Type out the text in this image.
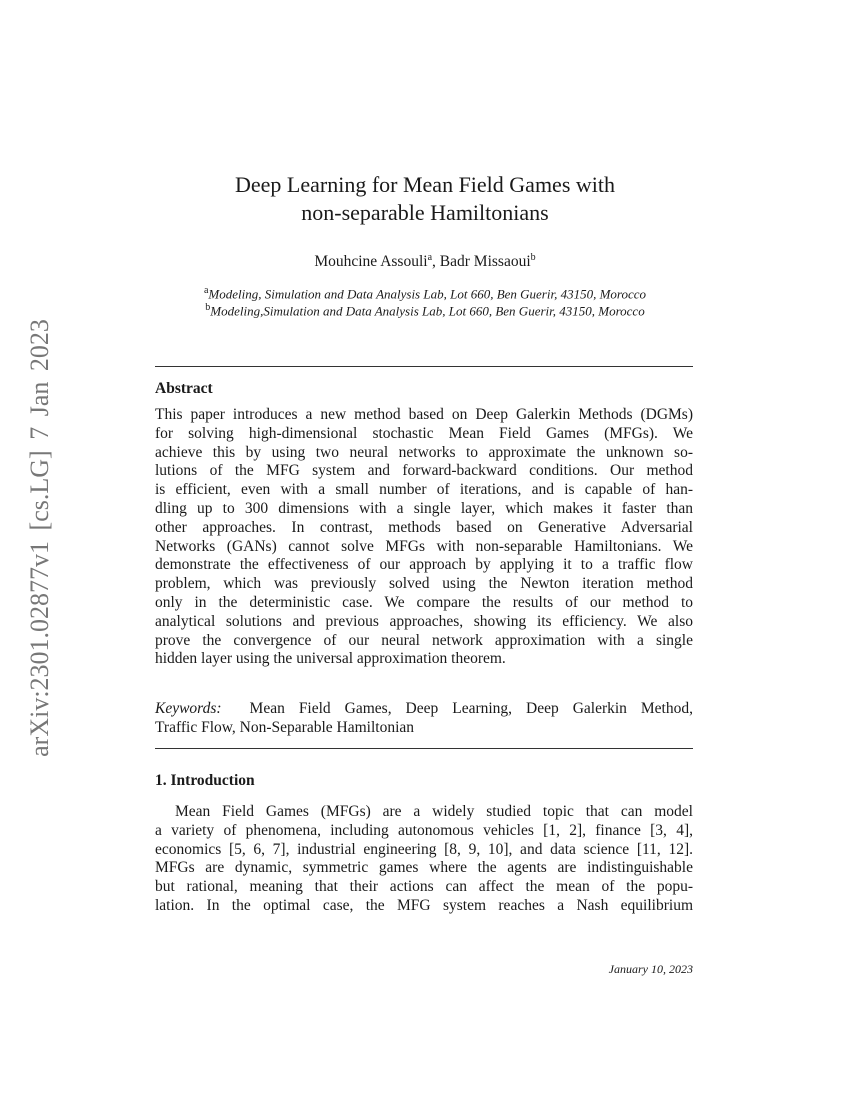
arXiv:2301.02877v1 [cs.LG] 7 Jan 2023
Deep Learning for Mean Field Games with
non-separable Hamiltonians
Mouhcine Assouli$^a$, Badr Missaoui$^b$
$^a$Modeling, Simulation and Data Analysis Lab, Lot 660, Ben Guerir, 43150, Morocco
$^b$Modeling,Simulation and Data Analysis Lab, Lot 660, Ben Guerir, 43150, Morocco
Abstract
This paper introduces a new method based on Deep Galerkin Methods (DGMs)
for solving high-dimensional stochastic Mean Field Games (MFGs). We
achieve this by using two neural networks to approximate the unknown so-
lutions of the MFG system and forward-backward conditions. Our method
is efficient, even with a small number of iterations, and is capable of han-
dling up to 300 dimensions with a single layer, which makes it faster than
other approaches. In contrast, methods based on Generative Adversarial
Networks (GANs) cannot solve MFGs with non-separable Hamiltonians. We
demonstrate the effectiveness of our approach by applying it to a traffic flow
problem, which was previously solved using the Newton iteration method
only in the deterministic case. We compare the results of our method to
analytical solutions and previous approaches, showing its efficiency. We also
prove the convergence of our neural network approximation with a single
hidden layer using the universal approximation theorem.
Keywords: Mean Field Games, Deep Learning, Deep Galerkin Method,
Traffic Flow, Non-Separable Hamiltonian
1. Introduction
Mean Field Games (MFGs) are a widely studied topic that can model
a variety of phenomena, including autonomous vehicles [1, 2], finance [3, 4],
economics [5, 6, 7], industrial engineering [8, 9, 10], and data science [11, 12].
MFGs are dynamic, symmetric games where the agents are indistinguishable
but rational, meaning that their actions can affect the mean of the popu-
lation. In the optimal case, the MFG system reaches a Nash equilibrium
January 10, 2023
